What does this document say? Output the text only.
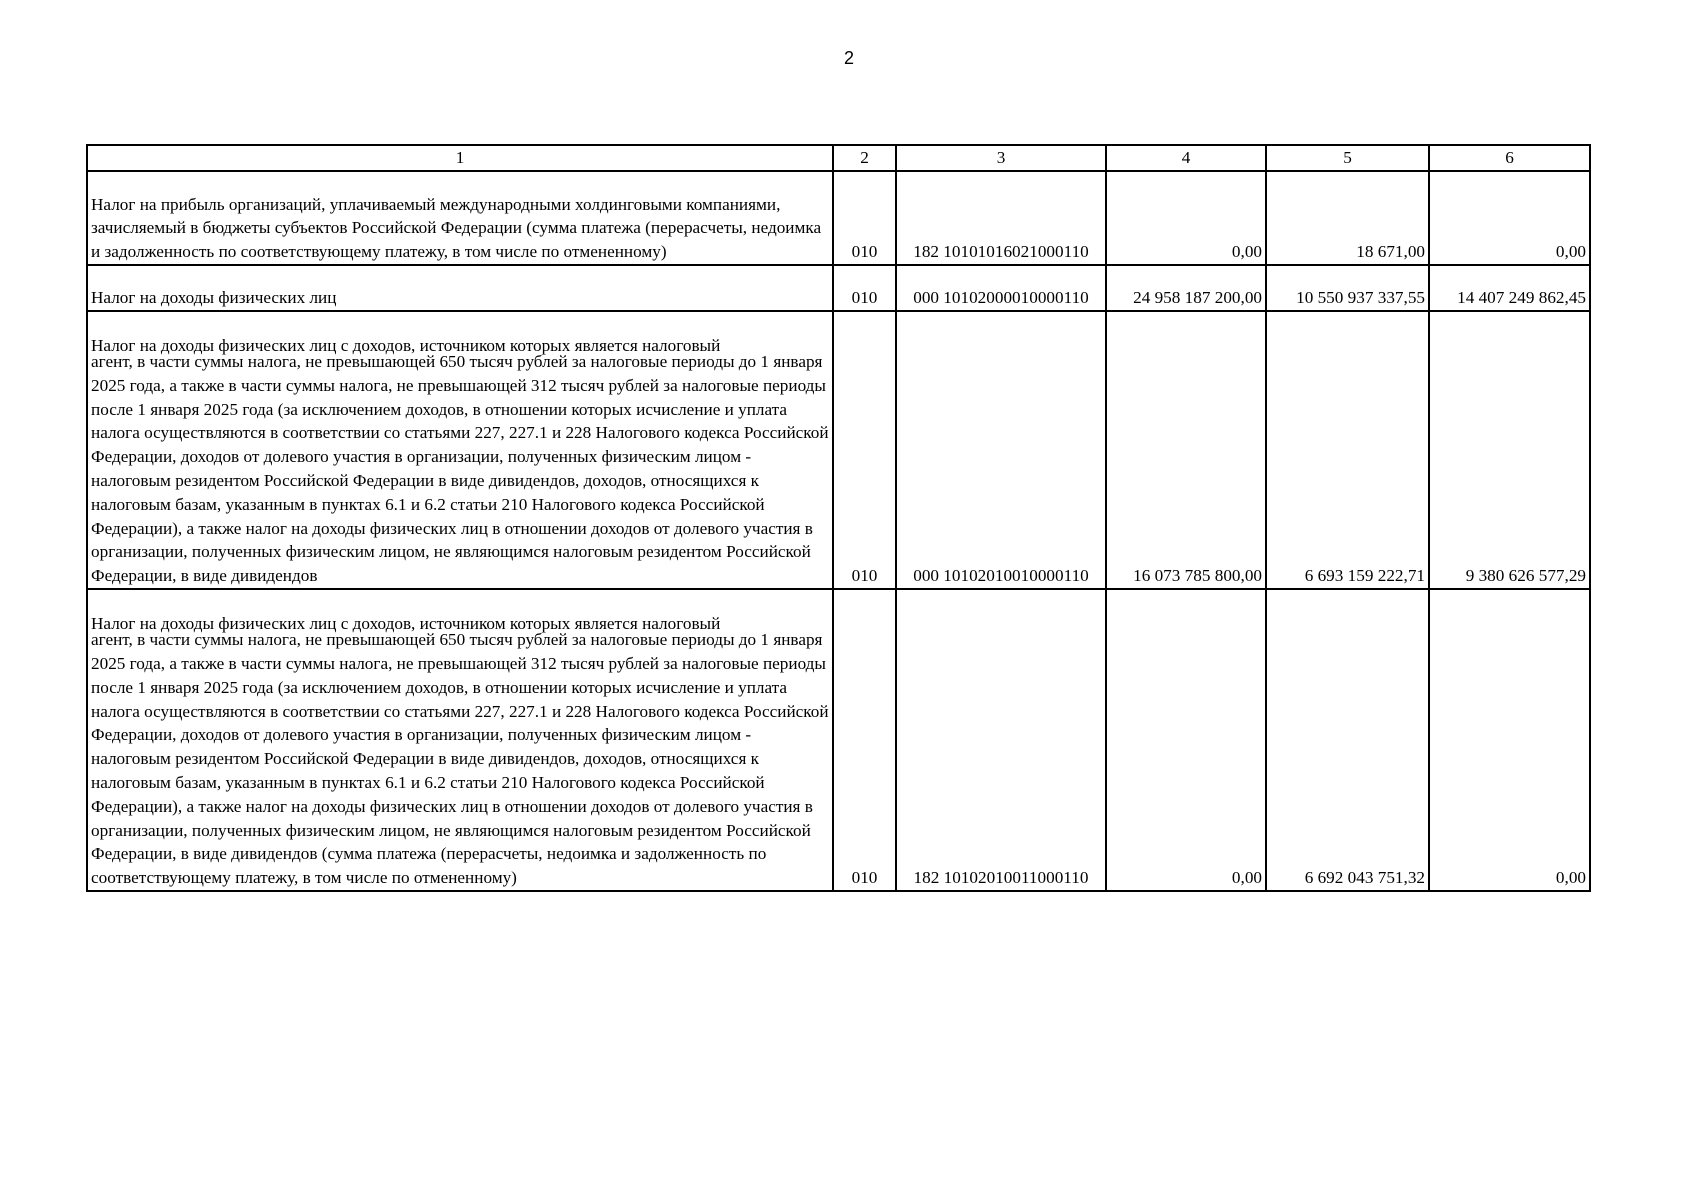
2
1	2	3	4	5	6

Налог на прибыль организаций, уплачиваемый международными холдинговыми компаниями, зачисляемый в бюджеты субъектов Российской Федерации (сумма платежа (перерасчеты, недоимка и задолженность по соответствующему платежу, в том числе по отмененному)	010	182 10101016021000110	0,00	18 671,00	0,00

Налог на доходы физических лиц	010	000 10102000010000110	24 958 187 200,00	10 550 937 337,55	14 407 249 862,45

Налог на доходы физических лиц с доходов, источником которых является налоговый
агент, в части суммы налога, не превышающей 650 тысяч рублей за налоговые периоды до 1 января 2025 года, а также в части суммы налога, не превышающей 312 тысяч рублей за налоговые периоды после 1 января 2025 года (за исключением доходов, в отношении которых исчисление и уплата налога осуществляются в соответствии со статьями 227, 227.1 и 228 Налогового кодекса Российской Федерации, доходов от долевого участия в организации, полученных физическим лицом - налоговым резидентом Российской Федерации в виде дивидендов, доходов, относящихся к налоговым базам, указанным в пунктах 6.1 и 6.2 статьи 210 Налогового кодекса Российской Федерации), а также налог на доходы физических лиц в отношении доходов от долевого участия в организации, полученных физическим лицом, не являющимся налоговым резидентом Российской Федерации, в виде дивидендов	010	000 10102010010000110	16 073 785 800,00	6 693 159 222,71	9 380 626 577,29

Налог на доходы физических лиц с доходов, источником которых является налоговый
агент, в части суммы налога, не превышающей 650 тысяч рублей за налоговые периоды до 1 января 2025 года, а также в части суммы налога, не превышающей 312 тысяч рублей за налоговые периоды после 1 января 2025 года (за исключением доходов, в отношении которых исчисление и уплата налога осуществляются в соответствии со статьями 227, 227.1 и 228 Налогового кодекса Российской Федерации, доходов от долевого участия в организации, полученных физическим лицом - налоговым резидентом Российской Федерации в виде дивидендов, доходов, относящихся к налоговым базам, указанным в пунктах 6.1 и 6.2 статьи 210 Налогового кодекса Российской Федерации), а также налог на доходы физических лиц в отношении доходов от долевого участия в организации, полученных физическим лицом, не являющимся налоговым резидентом Российской Федерации, в виде дивидендов (сумма платежа (перерасчеты, недоимка и задолженность по соответствующему платежу, в том числе по отмененному)	010	182 10102010011000110	0,00	6 692 043 751,32	0,00
